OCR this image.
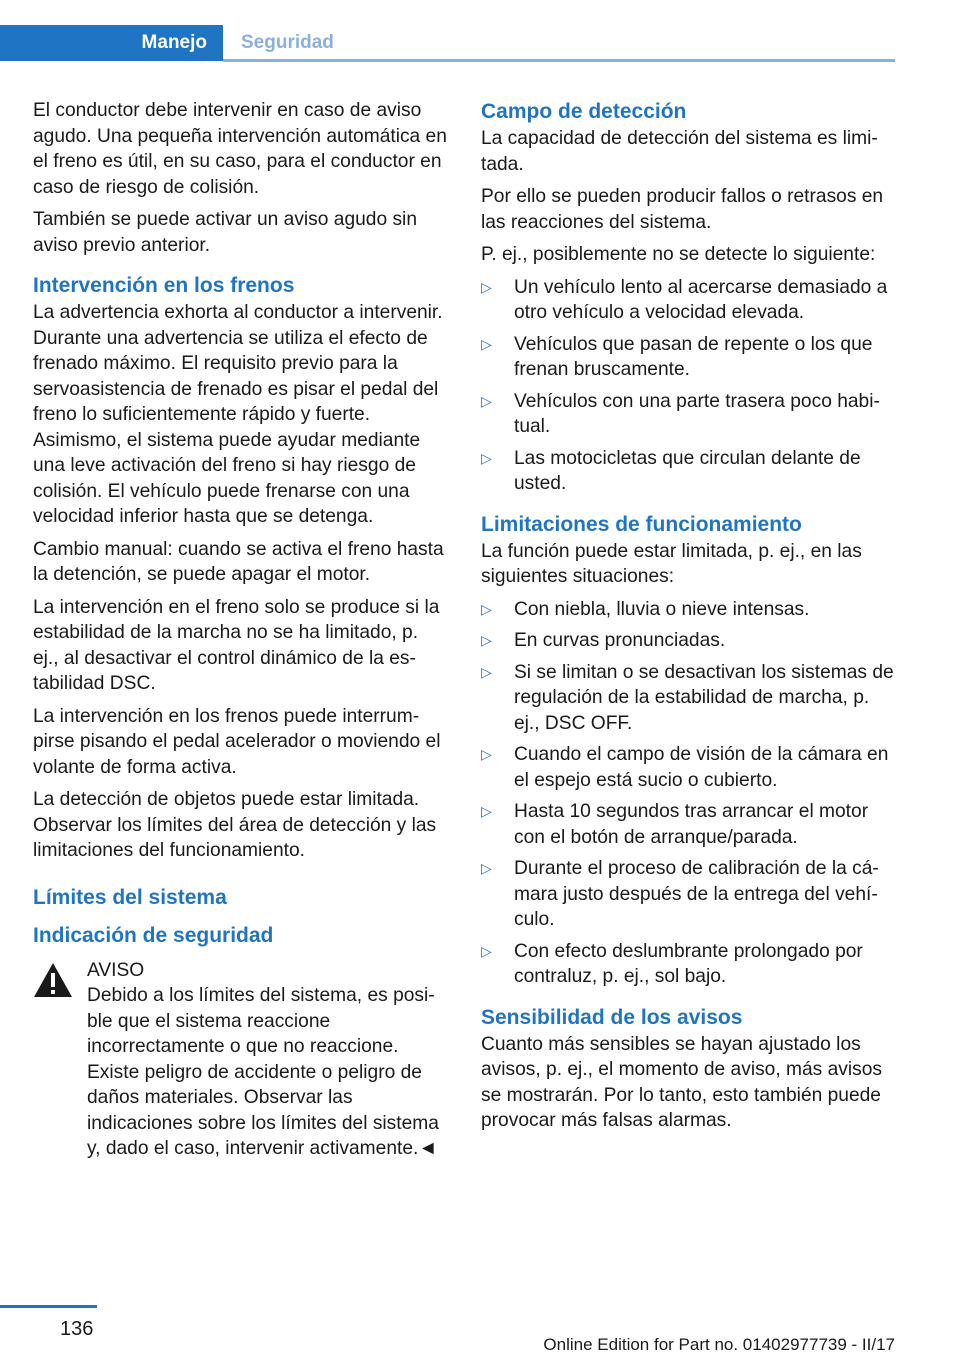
Manejo	Seguridad

El conductor debe intervenir en caso de aviso agudo. Una pequeña intervención automática en el freno es útil, en su caso, para el conductor en caso de riesgo de colisión.

También se puede activar un aviso agudo sin aviso previo anterior.

Intervención en los frenos

La advertencia exhorta al conductor a intervenir. Durante una advertencia se utiliza el efecto de frenado máximo. El requisito previo para la servoasistencia de frenado es pisar el pedal del freno lo suficientemente rápido y fuerte. Asimismo, el sistema puede ayudar mediante una leve activación del freno si hay riesgo de colisión. El vehículo puede frenarse con una velocidad inferior hasta que se detenga.

Cambio manual: cuando se activa el freno hasta la detención, se puede apagar el motor.

La intervención en el freno solo se produce si la estabilidad de la marcha no se ha limitado, p. ej., al desactivar el control dinámico de la estabilidad DSC.

La intervención en los frenos puede interrumpirse pisando el pedal acelerador o moviendo el volante de forma activa.

La detección de objetos puede estar limitada. Observar los límites del área de detección y las limitaciones del funcionamiento.

Límites del sistema
Indicación de seguridad
AVISO

Debido a los límites del sistema, es posible que el sistema reaccione incorrectamente o que no reaccione. Existe peligro de accidente o peligro de daños materiales. Observar las indicaciones sobre los límites del sistema y, dado el caso, intervenir activamente.◄

Campo de detección

La capacidad de detección del sistema es limitada.

Por ello se pueden producir fallos o retrasos en las reacciones del sistema.

P. ej., posiblemente no se detecte lo siguiente:

▷ Un vehículo lento al acercarse demasiado a otro vehículo a velocidad elevada.
▷ Vehículos que pasan de repente o los que frenan bruscamente.
▷ Vehículos con una parte trasera poco habitual.
▷ Las motocicletas que circulan delante de usted.
Limitaciones de funcionamiento

La función puede estar limitada, p. ej., en las siguientes situaciones:

▷ Con niebla, lluvia o nieve intensas.
▷ En curvas pronunciadas.
▷ Si se limitan o se desactivan los sistemas de regulación de la estabilidad de marcha, p. ej., DSC OFF.
▷ Cuando el campo de visión de la cámara en el espejo está sucio o cubierto.
▷ Hasta 10 segundos tras arrancar el motor con el botón de arranque/parada.
▷ Durante el proceso de calibración de la cámara justo después de la entrega del vehículo.
▷ Con efecto deslumbrante prolongado por contraluz, p. ej., sol bajo.
Sensibilidad de los avisos

Cuanto más sensibles se hayan ajustado los avisos, p. ej., el momento de aviso, más avisos se mostrarán. Por lo tanto, esto también puede provocar más falsas alarmas.

136
Online Edition for Part no. 01402977739 - II/17
